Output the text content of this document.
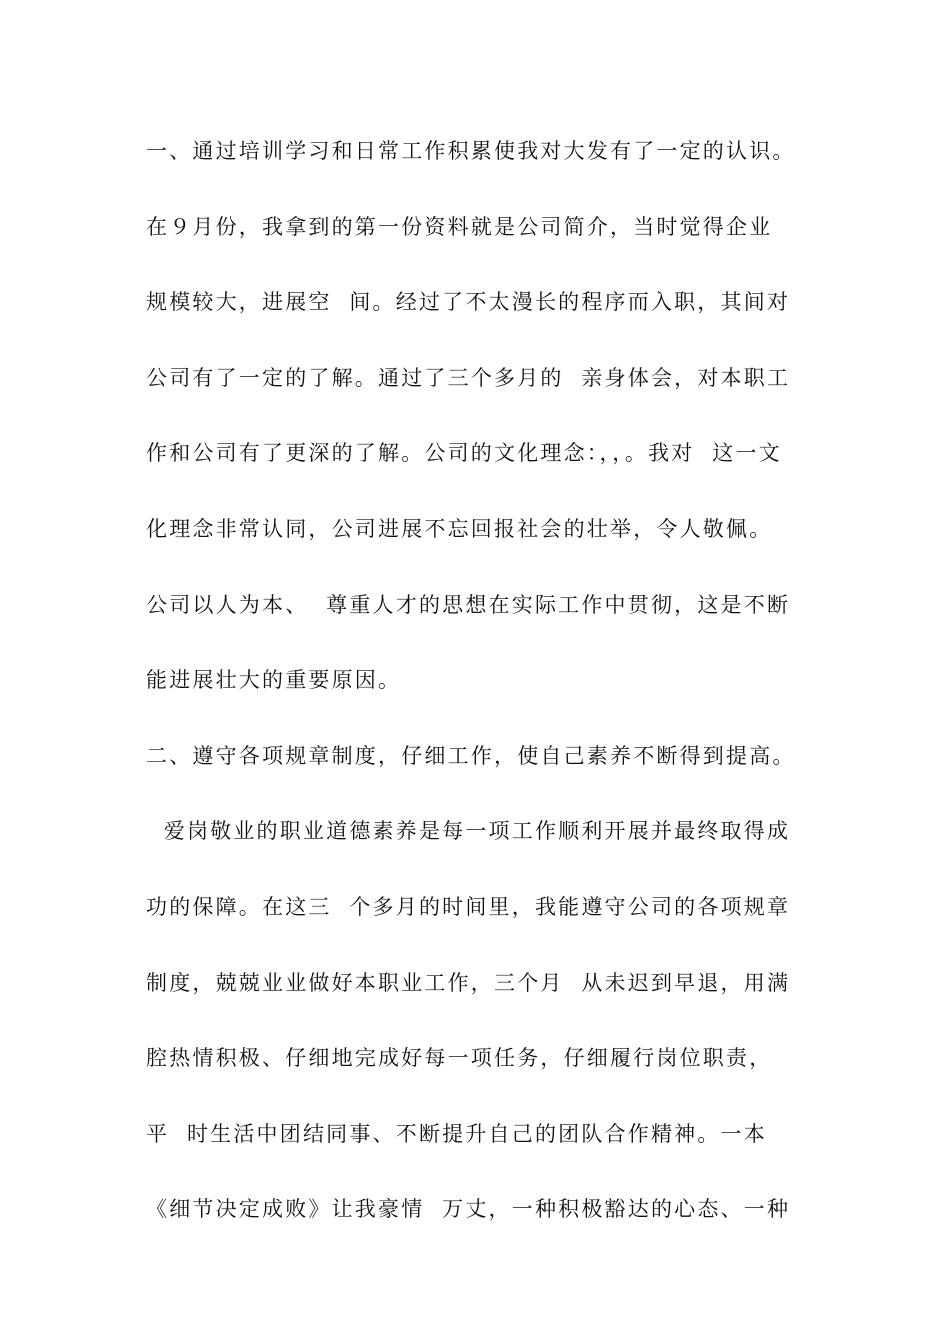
一、通过培训学习和日常工作积累使我对大发有了一定的认识。
在９月份，我拿到的第一份资料就是公司简介，当时觉得企业
规模较大，进展空  间。经过了不太漫长的程序而入职，其间对
公司有了一定的了解。通过了三个多月的  亲身体会，对本职工
作和公司有了更深的了解。公司的文化理念：，，。我对  这一文
化理念非常认同，公司进展不忘回报社会的壮举，令人敬佩。
公司以人为本、  尊重人才的思想在实际工作中贯彻，这是不断
能进展壮大的重要原因。
二、遵守各项规章制度，仔细工作，使自己素养不断得到提高。
爱岗敬业的职业道德素养是每一项工作顺利开展并最终取得成
功的保障。在这三  个多月的时间里，我能遵守公司的各项规章
制度，兢兢业业做好本职业工作，三个月  从未迟到早退，用满
腔热情积极、仔细地完成好每一项任务，仔细履行岗位职责，
平  时生活中团结同事、不断提升自己的团队合作精神。一本
《细节决定成败》让我豪情  万丈，一种积极豁达的心态、一种
